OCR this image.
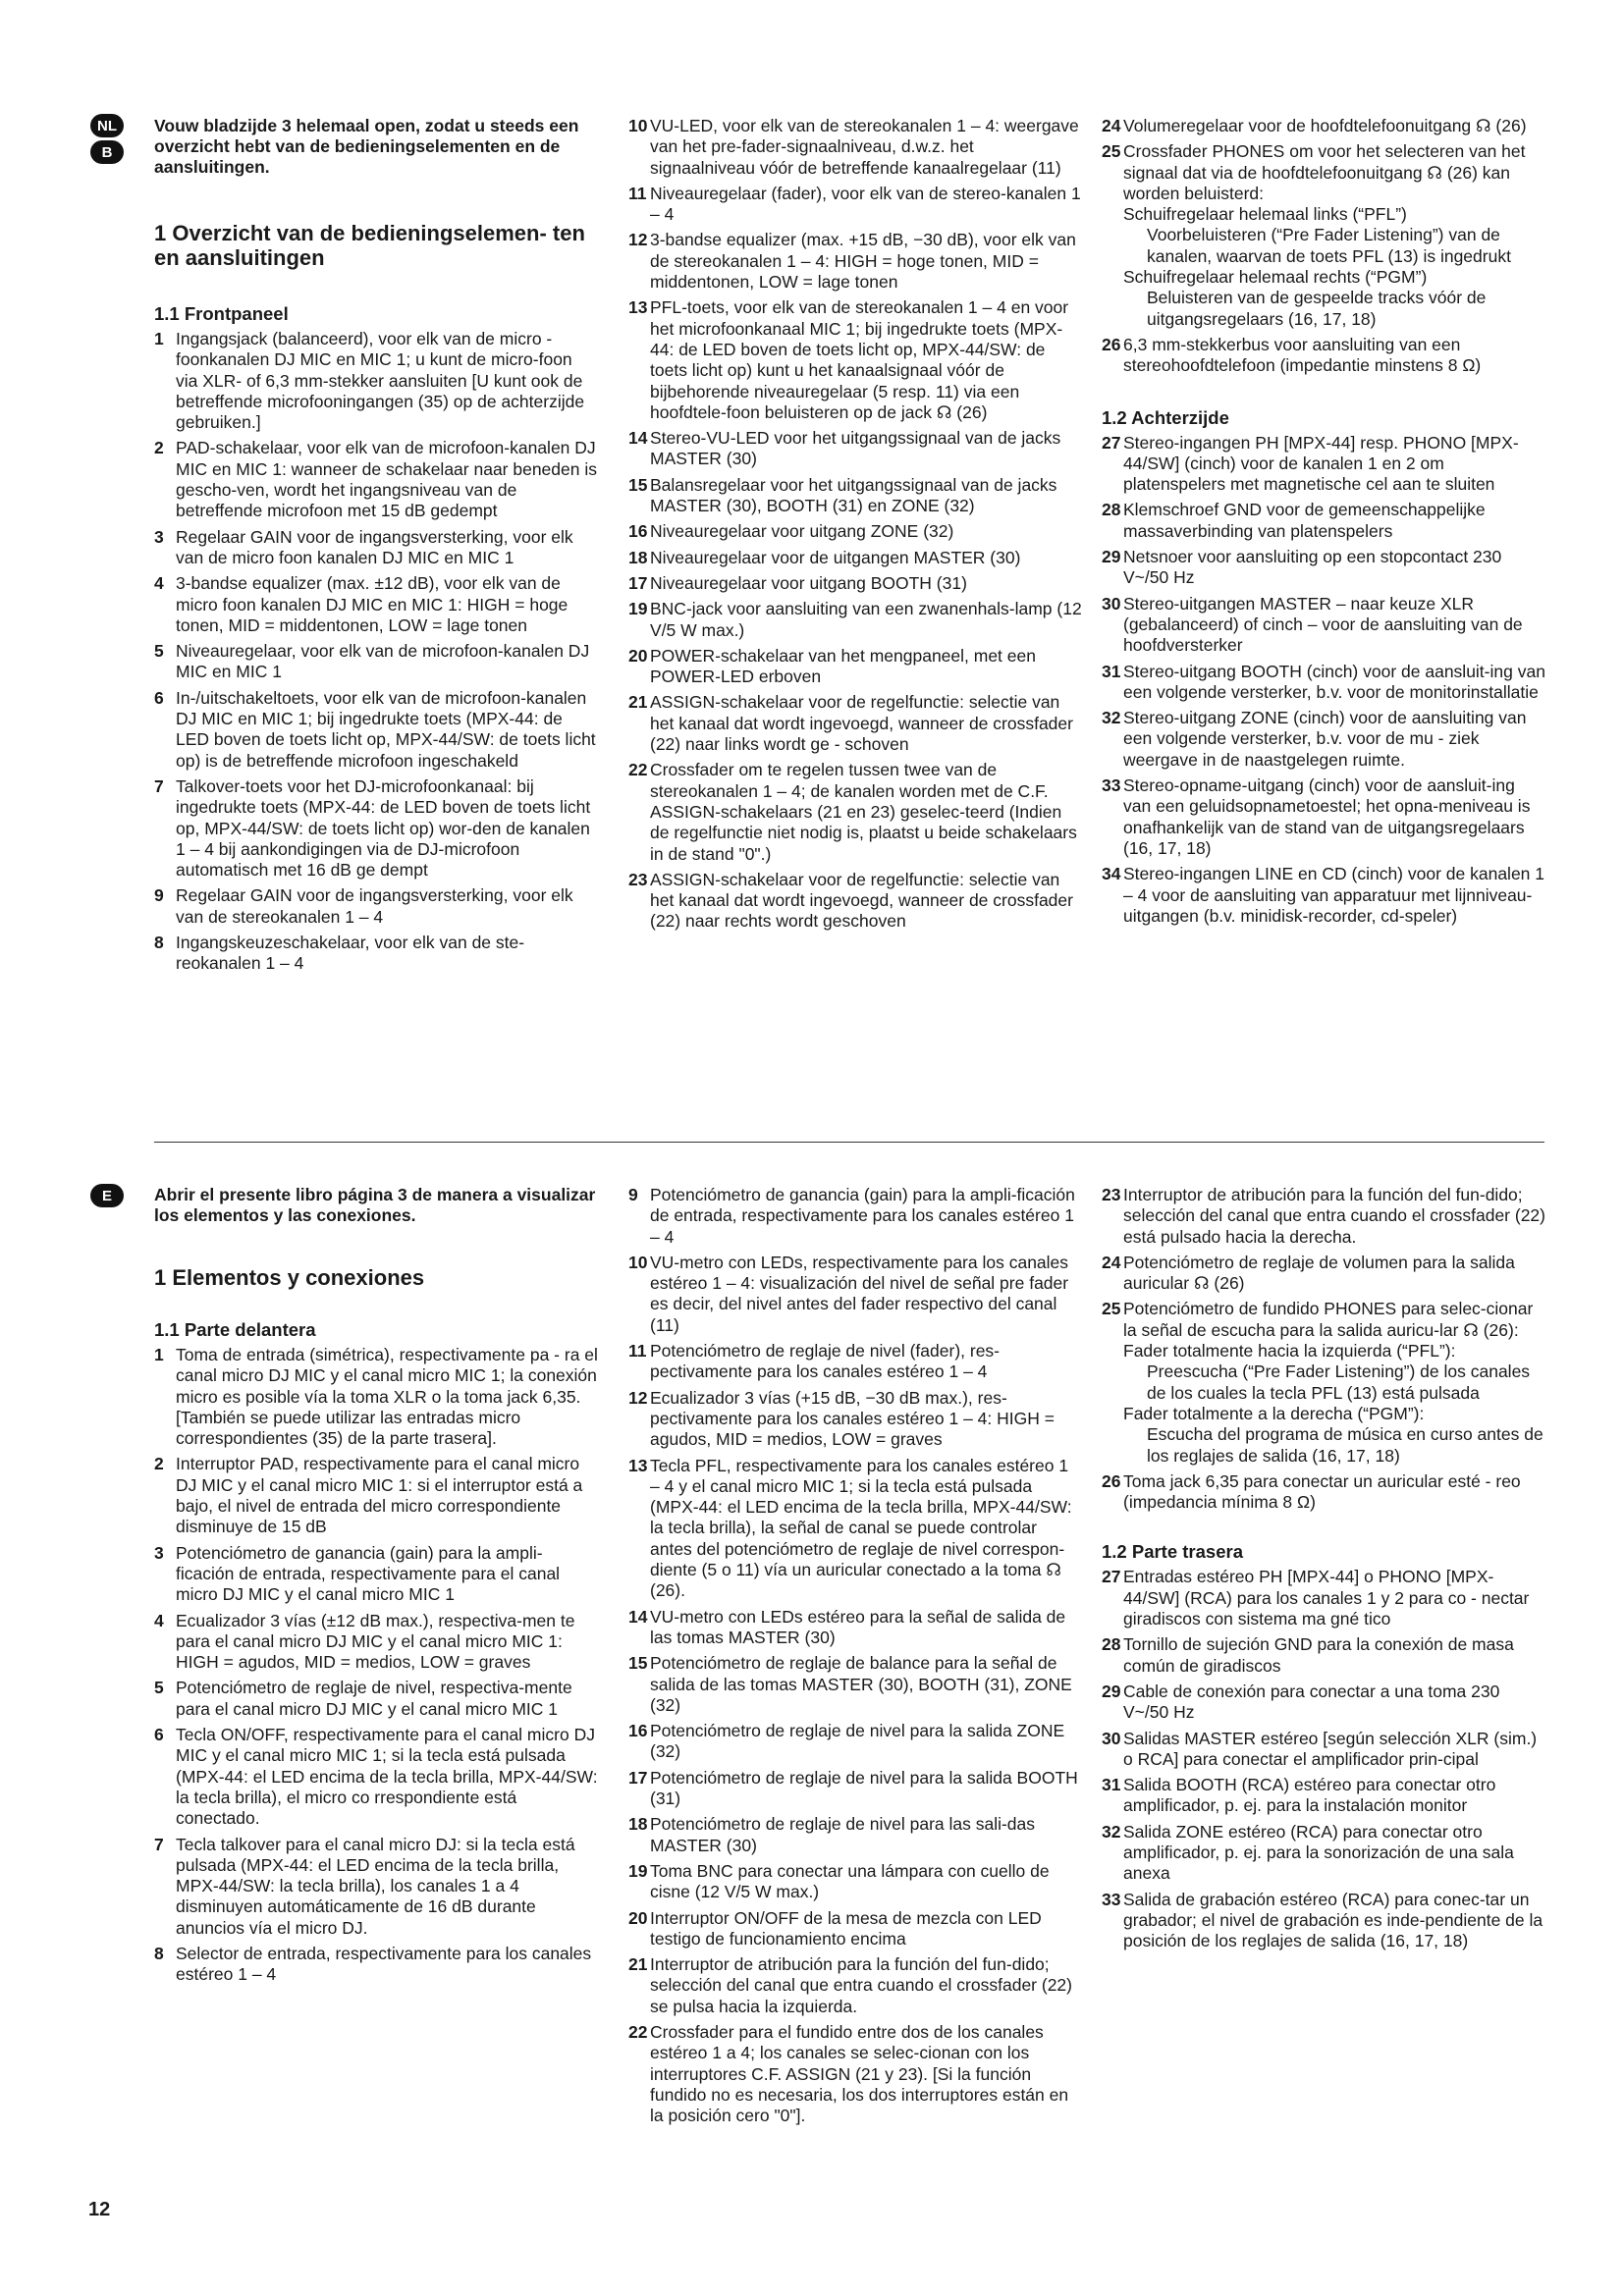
NL
B
Vouw bladzijde 3 helemaal open, zodat u steeds een overzicht hebt van de bedieningselementen en de aansluitingen.
1 Overzicht van de bedieningselemen- ten en aansluitingen
1.1 Frontpaneel
1 Ingangsjack (balanceerd), voor elk van de micro - foonkanalen DJ MIC en MIC 1; u kunt de micro-foon via XLR- of 6,3 mm-stekker aansluiten [U kunt ook de betreffende microfooningangen (35) op de achterzijde gebruiken.]
2 PAD-schakelaar, voor elk van de microfoon-kanalen DJ MIC en MIC 1: wanneer de schakelaar naar beneden is gescho-ven, wordt het ingangsniveau van de betreffende microfoon met 15 dB gedempt
3 Regelaar GAIN voor de ingangsversterking, voor elk van de micro foon kanalen DJ MIC en MIC 1
4 3-bandse equalizer (max. ±12 dB), voor elk van de micro foon kanalen DJ MIC en MIC 1: HIGH = hoge tonen, MID = middentonen, LOW = lage tonen
5 Niveauregelaar, voor elk van de microfoon-kanalen DJ MIC en MIC 1
6 In-/uitschakeltoets, voor elk van de microfoon-kanalen DJ MIC en MIC 1; bij ingedrukte toets (MPX-44: de LED boven de toets licht op, MPX-44/SW: de toets licht op) is de betreffende microfoon ingeschakeld
7 Talkover-toets voor het DJ-microfoonkanaal: bij ingedrukte toets (MPX-44: de LED boven de toets licht op, MPX-44/SW: de toets licht op) wor-den de kanalen 1 – 4 bij aankondigingen via de DJ-microfoon automatisch met 16 dB ge dempt
9 Regelaar GAIN voor de ingangsversterking, voor elk van de stereokanalen 1 – 4
8 Ingangskeuzeschakelaar, voor elk van de ste-reokanalen 1 – 4
10 VU-LED, voor elk van de stereokanalen 1 – 4: weergave van het pre-fader-signaalniveau, d.w.z. het signaalniveau vóór de betreffende kanaalregelaar (11)
11 Niveauregelaar (fader), voor elk van de stereo-kanalen 1 – 4
12 3-bandse equalizer (max. +15 dB, −30 dB), voor elk van de stereokanalen 1 – 4: HIGH = hoge tonen, MID = middentonen, LOW = lage tonen
13 PFL-toets, voor elk van de stereokanalen 1 – 4 en voor het microfoonkanaal MIC 1; bij ingedrukte toets (MPX-44: de LED boven de toets licht op, MPX-44/SW: de toets licht op) kunt u het kanaalsignaal vóór de bijbehorende niveauregelaar (5 resp. 11) via een hoofdtele-foon beluisteren op de jack ☊ (26)
14 Stereo-VU-LED voor het uitgangssignaal van de jacks MASTER (30)
15 Balansregelaar voor het uitgangssignaal van de jacks MASTER (30), BOOTH (31) en ZONE (32)
16 Niveauregelaar voor uitgang ZONE (32)
18 Niveauregelaar voor de uitgangen MASTER (30)
17 Niveauregelaar voor uitgang BOOTH (31)
19 BNC-jack voor aansluiting van een zwanenhals-lamp (12 V/5 W max.)
20 POWER-schakelaar van het mengpaneel, met een POWER-LED erboven
21 ASSIGN-schakelaar voor de regelfunctie: selectie van het kanaal dat wordt ingevoegd, wanneer de crossfader (22) naar links wordt ge - schoven
22 Crossfader om te regelen tussen twee van de stereokanalen 1 – 4; de kanalen worden met de C.F. ASSIGN-schakelaars (21 en 23) geselec-teerd (Indien de regelfunctie niet nodig is, plaatst u beide schakelaars in de stand "0".)
23 ASSIGN-schakelaar voor de regelfunctie: selectie van het kanaal dat wordt ingevoegd, wanneer de crossfader (22) naar rechts wordt geschoven
24 Volumeregelaar voor de hoofdtelefoonuitgang ☊ (26)
25 Crossfader PHONES om voor het selecteren van het signaal dat via de hoofdtelefoonuitgang ☊ (26) kan worden beluisterd:
Schuifregelaar helemaal links (“PFL”)
Voorbeluisteren (“Pre Fader Listening”) van de kanalen, waarvan de toets PFL (13) is ingedrukt
Schuifregelaar helemaal rechts (“PGM”)
Beluisteren van de gespeelde tracks vóór de uitgangsregelaars (16, 17, 18)
26 6,3 mm-stekkerbus voor aansluiting van een stereohoofdtelefoon (impedantie minstens 8 Ω)
1.2 Achterzijde
27 Stereo-ingangen PH [MPX-44] resp. PHONO [MPX-44/SW] (cinch) voor de kanalen 1 en 2 om platenspelers met magnetische cel aan te sluiten
28 Klemschroef GND voor de gemeenschappelijke massaverbinding van platenspelers
29 Netsnoer voor aansluiting op een stopcontact 230 V~/50 Hz
30 Stereo-uitgangen MASTER – naar keuze XLR (gebalanceerd) of cinch – voor de aansluiting van de hoofdversterker
31 Stereo-uitgang BOOTH (cinch) voor de aansluit-ing van een volgende versterker, b.v. voor de monitorinstallatie
32 Stereo-uitgang ZONE (cinch) voor de aansluiting van een volgende versterker, b.v. voor de mu - ziek weergave in de naastgelegen ruimte.
33 Stereo-opname-uitgang (cinch) voor de aansluit-ing van een geluidsopnametoestel; het opna-meniveau is onafhankelijk van de stand van de uitgangsregelaars (16, 17, 18)
34 Stereo-ingangen LINE en CD (cinch) voor de kanalen 1 – 4 voor de aansluiting van apparatuur met lijnniveau-uitgangen (b.v. minidisk-recorder, cd-speler)
E	Abrir el presente libro página 3 de manera a visualizar los elementos y las conexiones.
1 Elementos y conexiones
1.1 Parte delantera
1 Toma de entrada (simétrica), respectivamente pa - ra el canal micro DJ MIC y el canal micro MIC 1; la conexión micro es posible vía la toma XLR o la toma jack 6,35. [También se puede utilizar las entradas micro correspondientes (35) de la parte trasera].
2 Interruptor PAD, respectivamente para el canal micro DJ MIC y el canal micro MIC 1: si el interruptor está a bajo, el nivel de entrada del micro correspondiente disminuye de 15 dB
3 Potenciómetro de ganancia (gain) para la ampli-ficación de entrada, respectivamente para el canal micro DJ MIC y el canal micro MIC 1
4 Ecualizador 3 vías (±12 dB max.), respectiva-men te para el canal micro DJ MIC y el canal micro MIC 1: HIGH = agudos, MID = medios, LOW = graves
5 Potenciómetro de reglaje de nivel, respectiva-mente para el canal micro DJ MIC y el canal micro MIC 1
6 Tecla ON/OFF, respectivamente para el canal micro DJ MIC y el canal micro MIC 1; si la tecla está pulsada (MPX-44: el LED encima de la tecla brilla, MPX-44/SW: la tecla brilla), el micro co rrespondiente está conectado.
7 Tecla talkover para el canal micro DJ: si la tecla está pulsada (MPX-44: el LED encima de la tecla brilla, MPX-44/SW: la tecla brilla), los canales 1 a 4 disminuyen automáticamente de 16 dB durante anuncios vía el micro DJ.
8 Selector de entrada, respectivamente para los canales estéreo 1 – 4
9 Potenciómetro de ganancia (gain) para la ampli-ficación de entrada, respectivamente para los canales estéreo 1 – 4
10 VU-metro con LEDs, respectivamente para los canales estéreo 1 – 4: visualización del nivel de señal pre fader es decir, del nivel antes del fader respectivo del canal (11)
11 Potenciómetro de reglaje de nivel (fader), res-pectivamente para los canales estéreo 1 – 4
12 Ecualizador 3 vías (+15 dB, −30 dB max.), res-pectivamente para los canales estéreo 1 – 4: HIGH = agudos, MID = medios, LOW = graves
13 Tecla PFL, respectivamente para los canales estéreo 1 – 4 y el canal micro MIC 1; si la tecla está pulsada (MPX-44: el LED encima de la tecla brilla, MPX-44/SW: la tecla brilla), la señal de canal se puede controlar antes del potenciómetro de reglaje de nivel correspon-diente (5 o 11) vía un auricular conectado a la toma ☊ (26).
14 VU-metro con LEDs estéreo para la señal de salida de las tomas MASTER (30)
15 Potenciómetro de reglaje de balance para la señal de salida de las tomas MASTER (30), BOOTH (31), ZONE (32)
16 Potenciómetro de reglaje de nivel para la salida ZONE (32)
17 Potenciómetro de reglaje de nivel para la salida BOOTH (31)
18 Potenciómetro de reglaje de nivel para las sali-das MASTER (30)
19 Toma BNC para conectar una lámpara con cuello de cisne (12 V/5 W max.)
20 Interruptor ON/OFF de la mesa de mezcla con LED testigo de funcionamiento encima
21 Interruptor de atribución para la función del fun-dido; selección del canal que entra cuando el crossfader (22) se pulsa hacia la izquierda.
22 Crossfader para el fundido entre dos de los canales estéreo 1 a 4; los canales se selec-cionan con los interruptores C.F. ASSIGN (21 y 23). [Si la función fundido no es necesaria, los dos interruptores están en la posición cero "0"].
23 Interruptor de atribución para la función del fun-dido; selección del canal que entra cuando el crossfader (22) está pulsado hacia la derecha.
24 Potenciómetro de reglaje de volumen para la salida auricular ☊ (26)
25 Potenciómetro de fundido PHONES para selec-cionar la señal de escucha para la salida auricu-lar ☊ (26):
Fader totalmente hacia la izquierda (“PFL”):
Preescucha (“Pre Fader Listening”) de los canales de los cuales la tecla PFL (13) está pulsada
Fader totalmente a la derecha (“PGM”):
Escucha del programa de música en curso antes de los reglajes de salida (16, 17, 18)
26 Toma jack 6,35 para conectar un auricular esté - reo (impedancia mínima 8 Ω)
1.2 Parte trasera
27 Entradas estéreo PH [MPX-44] o PHONO [MPX-44/SW] (RCA) para los canales 1 y 2 para co - nectar giradiscos con sistema ma gné tico
28 Tornillo de sujeción GND para la conexión de masa común de giradiscos
29 Cable de conexión para conectar a una toma 230 V~/50 Hz
30 Salidas MASTER estéreo [según selección XLR (sim.) o RCA] para conectar el amplificador prin-cipal
31 Salida BOOTH (RCA) estéreo para conectar otro amplificador, p. ej. para la instalación monitor
32 Salida ZONE estéreo (RCA) para conectar otro amplificador, p. ej. para la sonorización de una sala anexa
33 Salida de grabación estéreo (RCA) para conec-tar un grabador; el nivel de grabación es inde-pendiente de la posición de los reglajes de salida (16, 17, 18)
12
